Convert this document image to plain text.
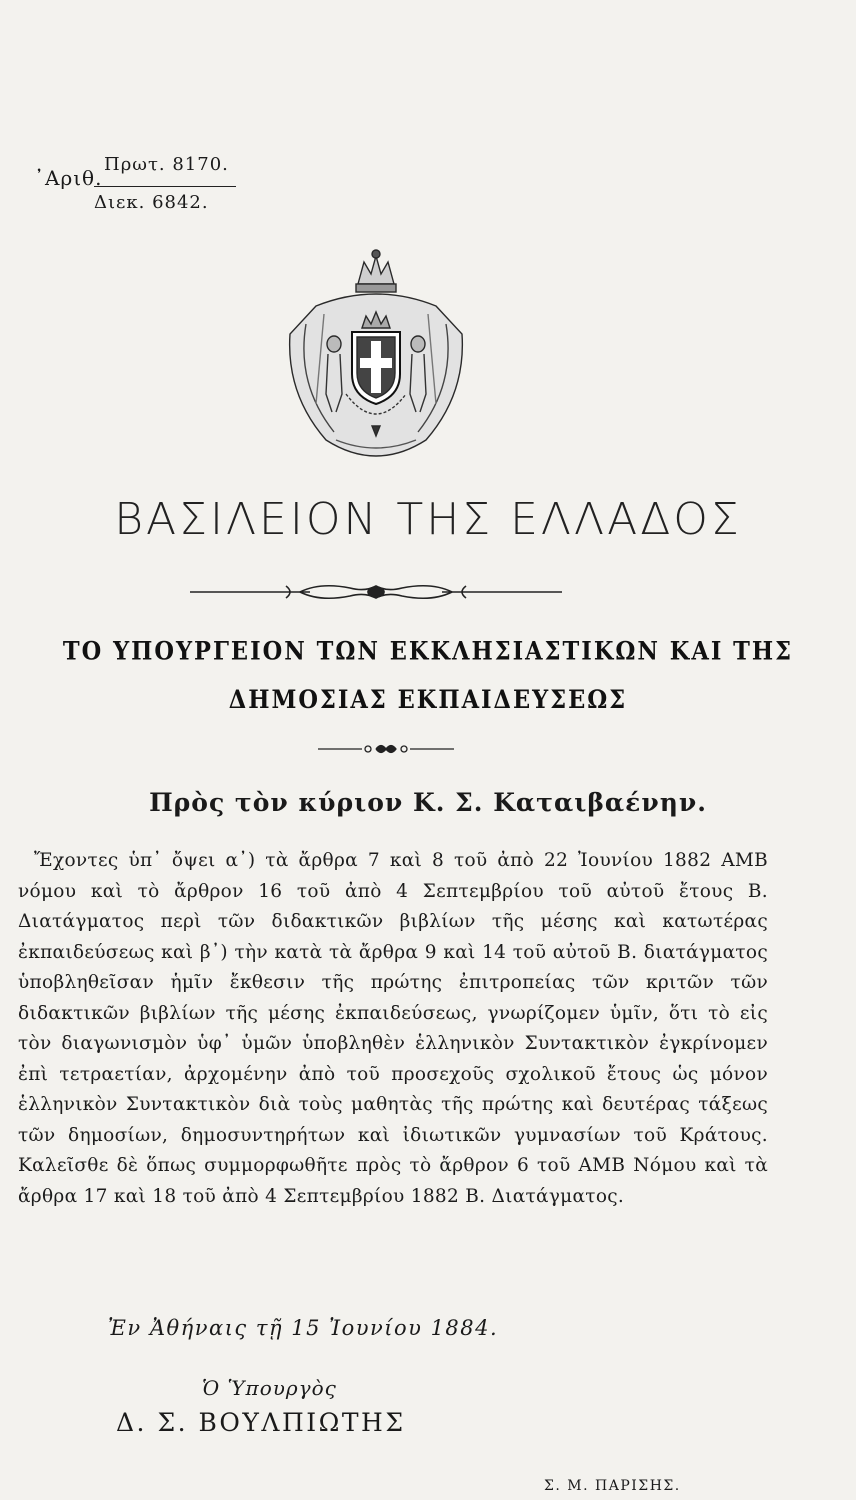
᾿Αριθ.
Πρωτ. 8170.
Διεκ. 6842.
ΒΑΣΙΛΕΙΟΝ ΤΗΣ ΕΛΛΑΔΟΣ
ΤΟ ΥΠΟΥΡΓΕΙΟΝ ΤΩΝ ΕΚΚΛΗΣΙΑΣΤΙΚΩΝ ΚΑΙ ΤΗΣ
ΔΗΜΟΣΙΑΣ ΕΚΠΑΙΔΕΥΣΕΩΣ
Πρὸς τὸν κύριον Κ. Σ. Καταιβαένην.

Ἔχοντες ὑπ᾿ ὄψει α᾿) τὰ ἄρθρα 7 καὶ 8 τοῦ ἀπὸ 22 Ἰουνίου 1882 ΑΜΒ νόμου καὶ τὸ ἄρθρον 16 τοῦ ἀπὸ 4 Σεπτεμβρίου τοῦ αὐτοῦ ἔτους Β. Διατάγματος περὶ τῶν διδακτικῶν βιβλίων τῆς μέσης καὶ κατωτέρας ἐκπαιδεύσεως καὶ β᾿) τὴν κατὰ τὰ ἄρθρα 9 καὶ 14 τοῦ αὐτοῦ Β. διατάγματος ὑποβληθεῖσαν ἡμῖν ἔκθεσιν τῆς πρώτης ἐπιτροπείας τῶν κριτῶν τῶν διδακτικῶν βιβλίων τῆς μέσης ἐκπαιδεύσεως, γνωρίζομεν ὑμῖν, ὅτι τὸ εἰς τὸν διαγωνισμὸν ὑφ᾿ ὑμῶν ὑποβληθὲν ἑλληνικὸν Συντακτικὸν ἐγκρίνομεν ἐπὶ τετραετίαν, ἀρχομένην ἀπὸ τοῦ προσεχοῦς σχολικοῦ ἔτους ὡς μόνον ἑλληνικὸν Συντακτικὸν διὰ τοὺς μαθητὰς τῆς πρώτης καὶ δευτέρας τάξεως τῶν δημοσίων, δημοσυντηρήτων καὶ ἰδιωτικῶν γυμνασίων τοῦ Κράτους. Καλεῖσθε δὲ ὅπως συμμορφωθῆτε πρὸς τὸ ἄρθρον 6 τοῦ ΑΜΒ Νόμου καὶ τὰ ἄρθρα 17 καὶ 18 τοῦ ἀπὸ 4 Σεπτεμβρίου 1882 Β. Διατάγματος.

Ἐν Ἀθήναις τῇ 15 Ἰουνίου 1884.
Ὁ Ὑπουργὸς
Δ. Σ. ΒΟΥΛΠΙΩΤΗΣ
Σ. Μ. ΠΑΡΙΣΗΣ.
